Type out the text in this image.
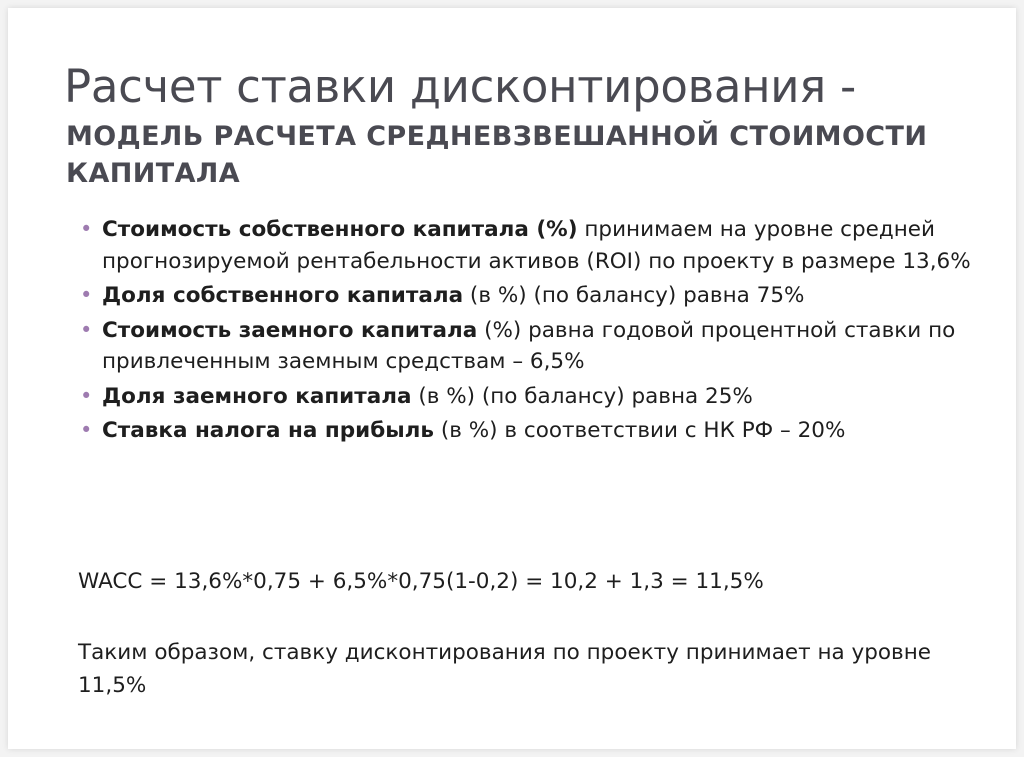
Расчет ставки дисконтирования -
МОДЕЛЬ РАСЧЕТА СРЕДНЕВЗВЕШАННОЙ СТОИМОСТИ КАПИТАЛА
• Стоимость собственного капитала (%) принимаем на уровне средней прогнозируемой рентабельности активов (ROI) по проекту в размере 13,6%
• Доля собственного капитала (в %) (по балансу) равна 75%
• Стоимость заемного капитала (%) равна годовой процентной ставки по привлеченным заемным средствам – 6,5%
• Доля заемного капитала (в %) (по балансу) равна 25%
• Ставка налога на прибыль (в %) в соответствии с НК РФ – 20%

WACC = 13,6%*0,75 + 6,5%*0,75(1-0,2) = 10,2 + 1,3 = 11,5%

Таким образом, ставку дисконтирования по проекту принимает на уровне 11,5%
